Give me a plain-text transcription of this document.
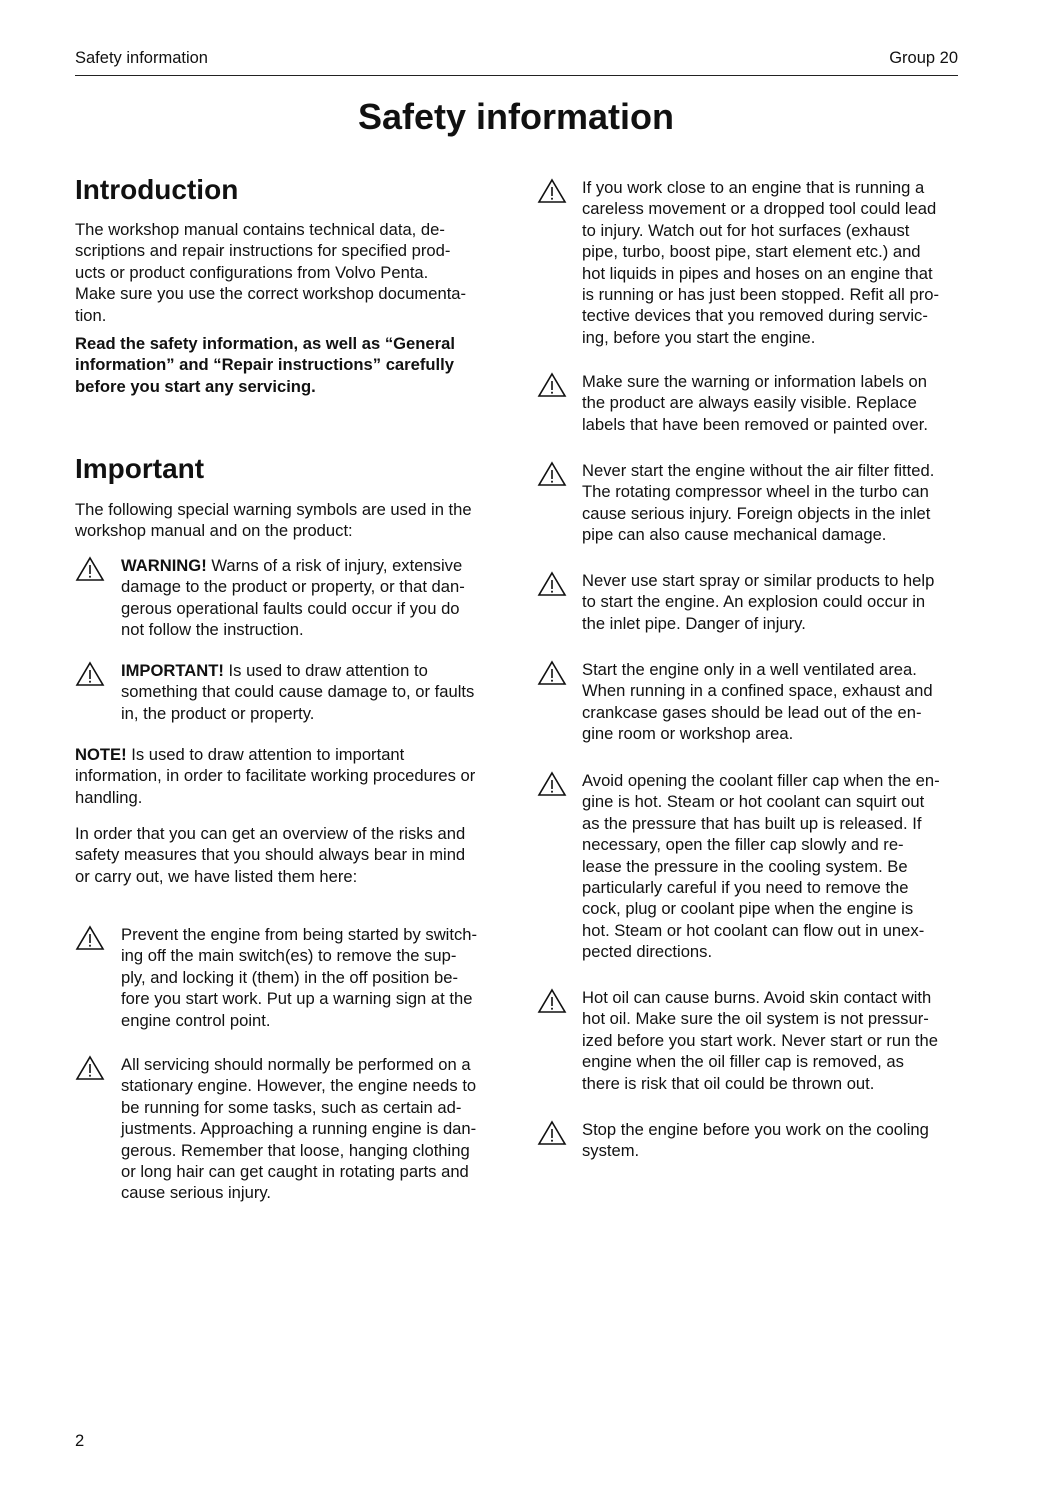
Safety information	Group 20
Safety information
Introduction
The workshop manual contains technical data, de-
scriptions and repair instructions for specified prod-
ucts or product configurations from Volvo Penta.
Make sure you use the correct workshop documenta-
tion.
Read the safety information, as well as “General
information” and “Repair instructions” carefully
before you start any servicing.
Important
The following special warning symbols are used in the
workshop manual and on the product:
WARNING! Warns of a risk of injury, extensive
damage to the product or property, or that dan-
gerous operational faults could occur if you do
not follow the instruction.
IMPORTANT! Is used to draw attention to
something that could cause damage to, or faults
in, the product or property.
NOTE! Is used to draw attention to important
information, in order to facilitate working procedures or
handling.
In order that you can get an overview of the risks and
safety measures that you should always bear in mind
or carry out, we have listed them here:
Prevent the engine from being started by switch-
ing off the main switch(es) to remove the sup-
ply, and locking it (them) in the off position be-
fore you start work. Put up a warning sign at the
engine control point.
All servicing should normally be performed on a
stationary engine. However, the engine needs to
be running for some tasks, such as certain ad-
justments. Approaching a running engine is dan-
gerous. Remember that loose, hanging clothing
or long hair can get caught in rotating parts and
cause serious injury.
If you work close to an engine that is running a
careless movement or a dropped tool could lead
to injury. Watch out for hot surfaces (exhaust
pipe, turbo, boost pipe, start element etc.) and
hot liquids in pipes and hoses on an engine that
is running or has just been stopped. Refit all pro-
tective devices that you removed during servic-
ing, before you start the engine.
Make sure the warning or information labels on
the product are always easily visible. Replace
labels that have been removed or painted over.
Never start the engine without the air filter fitted.
The rotating compressor wheel in the turbo can
cause serious injury. Foreign objects in the inlet
pipe can also cause mechanical damage.
Never use start spray or similar products to help
to start the engine. An explosion could occur in
the inlet pipe. Danger of injury.
Start the engine only in a well ventilated area.
When running in a confined space, exhaust and
crankcase gases should be lead out of the en-
gine room or workshop area.
Avoid opening the coolant filler cap when the en-
gine is hot. Steam or hot coolant can squirt out
as the pressure that has built up is released. If
necessary, open the filler cap slowly and re-
lease the pressure in the cooling system. Be
particularly careful if you need to remove the
cock, plug or coolant pipe when the engine is
hot. Steam or hot coolant can flow out in unex-
pected directions.
Hot oil can cause burns. Avoid skin contact with
hot oil. Make sure the oil system is not pressur-
ized before you start work. Never start or run the
engine when the oil filler cap is removed, as
there is risk that oil could be thrown out.
Stop the engine before you work on the cooling
system.
2
